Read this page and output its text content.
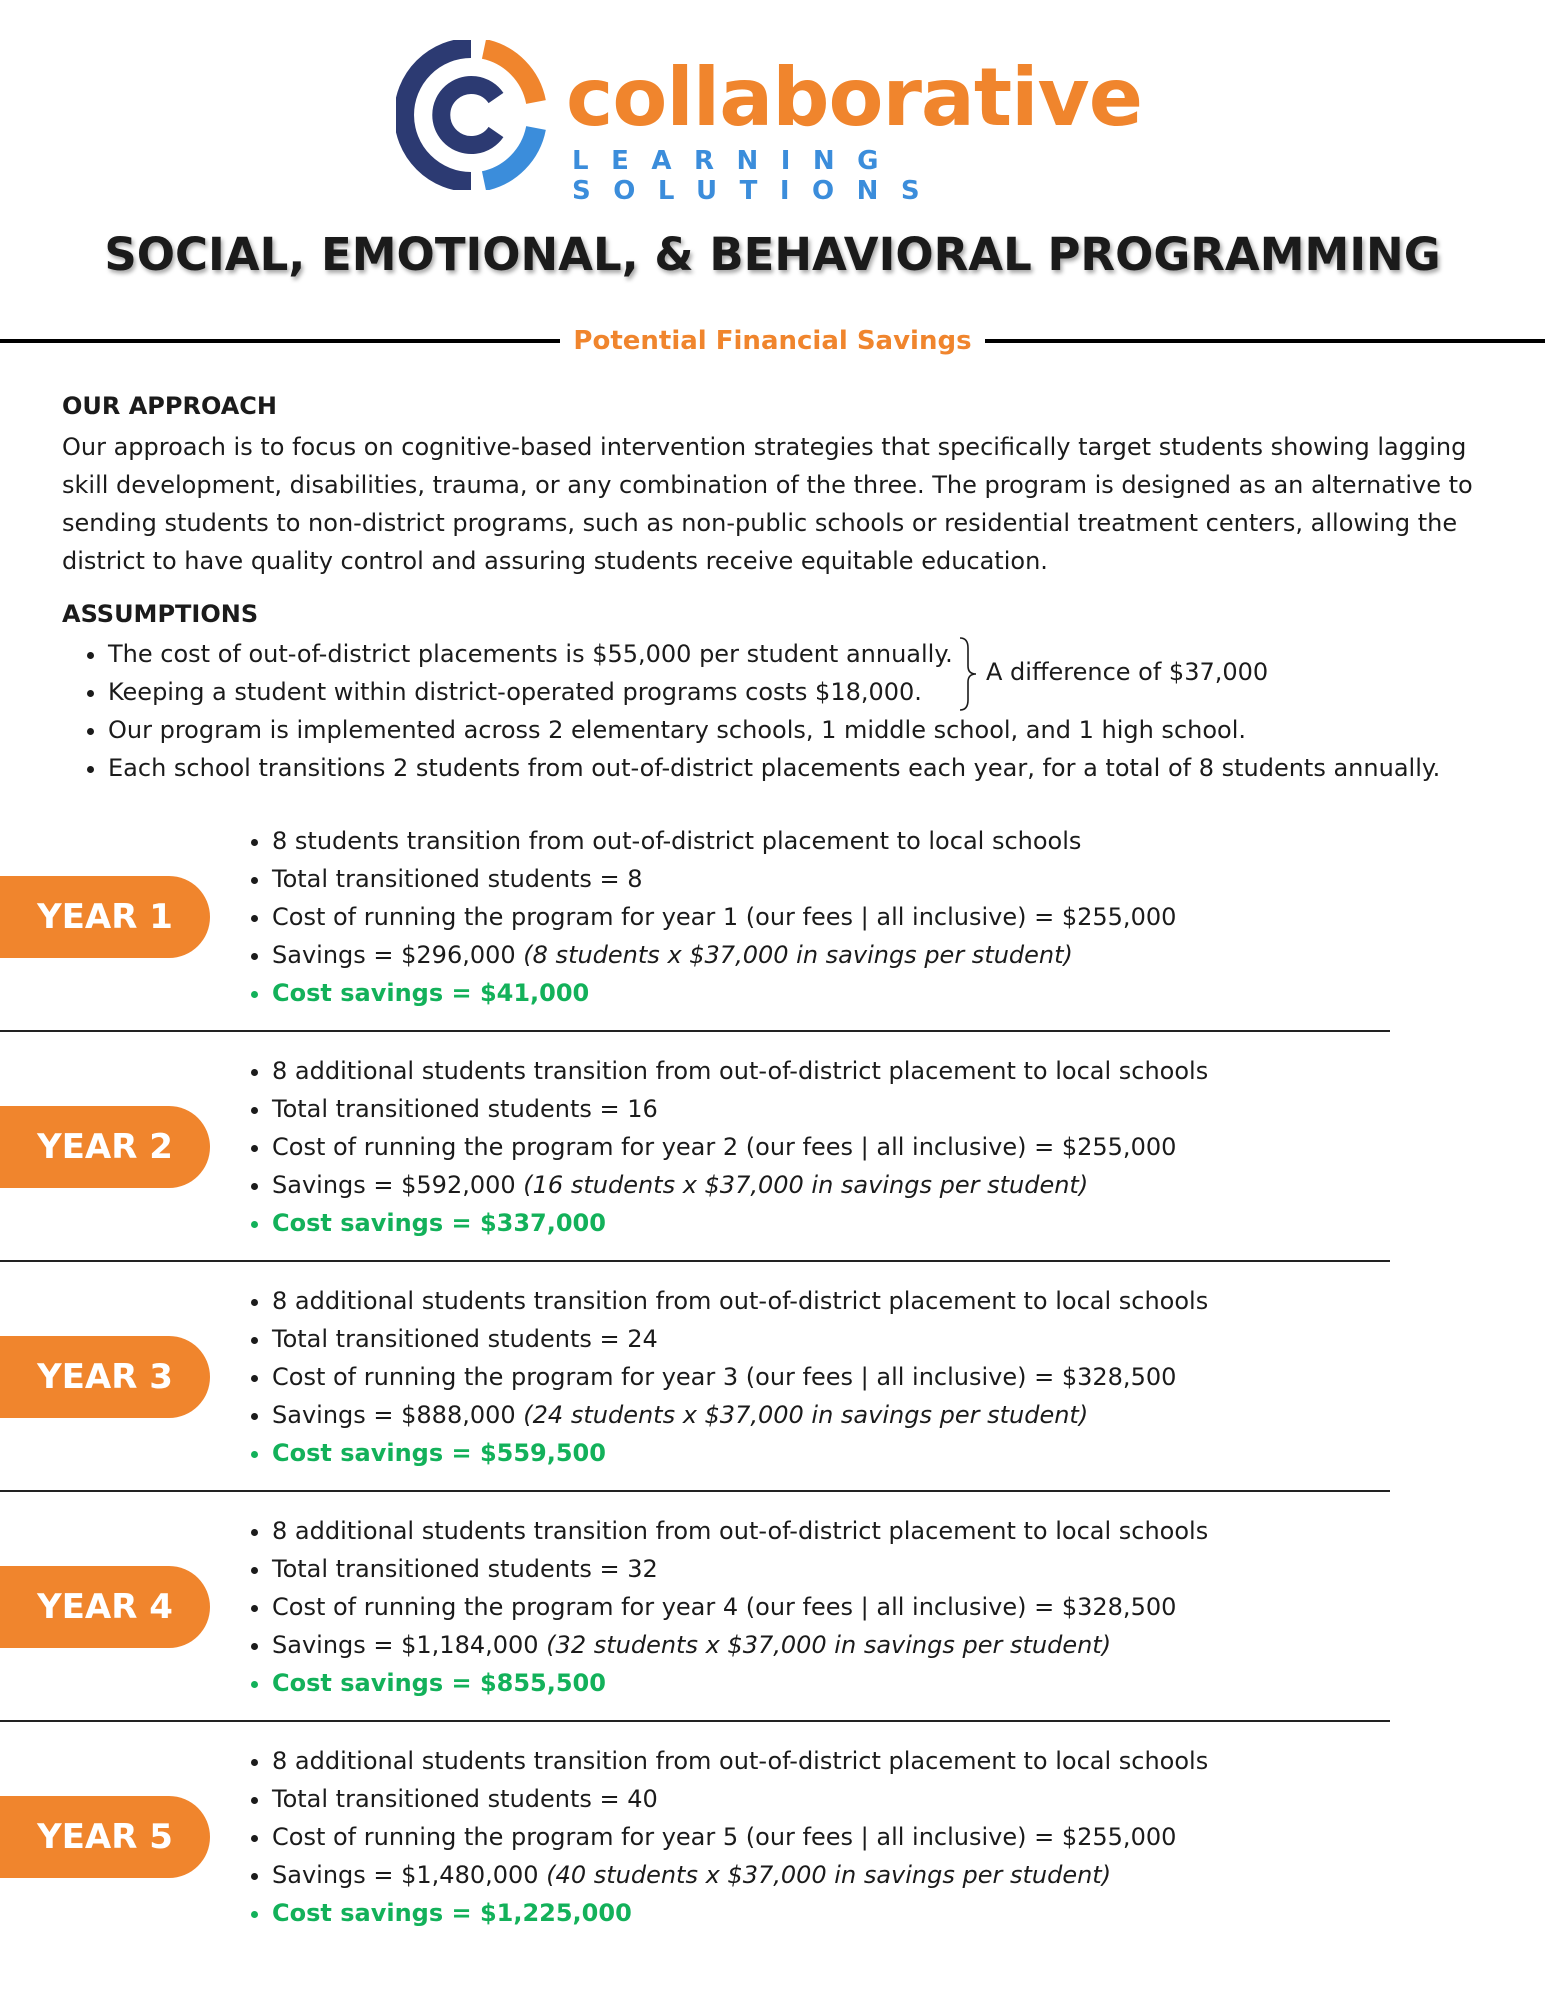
collaborative
LEARNING SOLUTIONS
SOCIAL, EMOTIONAL, & BEHAVIORAL PROGRAMMING
Potential Financial Savings
OUR APPROACH
Our approach is to focus on cognitive-based intervention strategies that specifically target students showing lagging skill development, disabilities, trauma, or any combination of the three. The program is designed as an alternative to sending students to non-district programs, such as non-public schools or residential treatment centers, allowing the district to have quality control and assuring students receive equitable education.
ASSUMPTIONS
• The cost of out-of-district placements is $55,000 per student annually.
• Keeping a student within district-operated programs costs $18,000.
• Our program is implemented across 2 elementary schools, 1 middle school, and 1 high school.
• Each school transitions 2 students from out-of-district placements each year, for a total of 8 students annually.
A difference of $37,000
YEAR 1
• 8 students transition from out-of-district placement to local schools
• Total transitioned students = 8
• Cost of running the program for year 1 (our fees | all inclusive) = $255,000
• Savings = $296,000 (8 students x $37,000 in savings per student)
• Cost savings = $41,000
YEAR 2
• 8 additional students transition from out-of-district placement to local schools
• Total transitioned students = 16
• Cost of running the program for year 2 (our fees | all inclusive) = $255,000
• Savings = $592,000 (16 students x $37,000 in savings per student)
• Cost savings = $337,000
YEAR 3
• 8 additional students transition from out-of-district placement to local schools
• Total transitioned students = 24
• Cost of running the program for year 3 (our fees | all inclusive) = $328,500
• Savings = $888,000 (24 students x $37,000 in savings per student)
• Cost savings = $559,500
YEAR 4
• 8 additional students transition from out-of-district placement to local schools
• Total transitioned students = 32
• Cost of running the program for year 4 (our fees | all inclusive) = $328,500
• Savings = $1,184,000 (32 students x $37,000 in savings per student)
• Cost savings = $855,500
YEAR 5
• 8 additional students transition from out-of-district placement to local schools
• Total transitioned students = 40
• Cost of running the program for year 5 (our fees | all inclusive) = $255,000
• Savings = $1,480,000 (40 students x $37,000 in savings per student)
• Cost savings = $1,225,000
